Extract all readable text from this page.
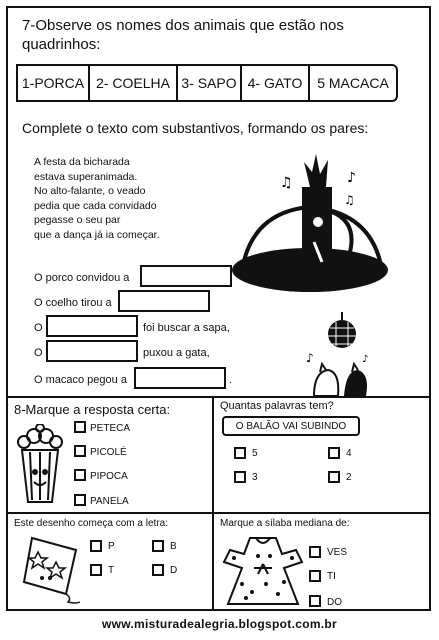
7-Observe os nomes dos animais que estão nos
quadrinhos:
1-PORCA 2- COELHA 3- SAPO 4- GATO 5 MACACA
Complete o texto com substantivos, formando os pares:
A festa da bicharada
estava superanimada.
No alto-falante, o veado
pedia que cada convidado
pegasse o seu par
que a dança já ia começar.
♫	♪
♫
O porco convidou a
O coelho tirou a
O	foi buscar a sapa,
O	puxou a gata,
O macaco pegou a	.
♪	♪
8-Marque a resposta certa:
PETECA
PICOLÉ
PIPOCA
PANELA
Quantas palavras tem?
O BALÃO VAI SUBINDO
5	4
3	2
Este desenho começa com a letra:
P	B
T	D
Marque a sílaba mediana de:
VES
TI
DO
www.misturadealegria.blogspot.com.br
